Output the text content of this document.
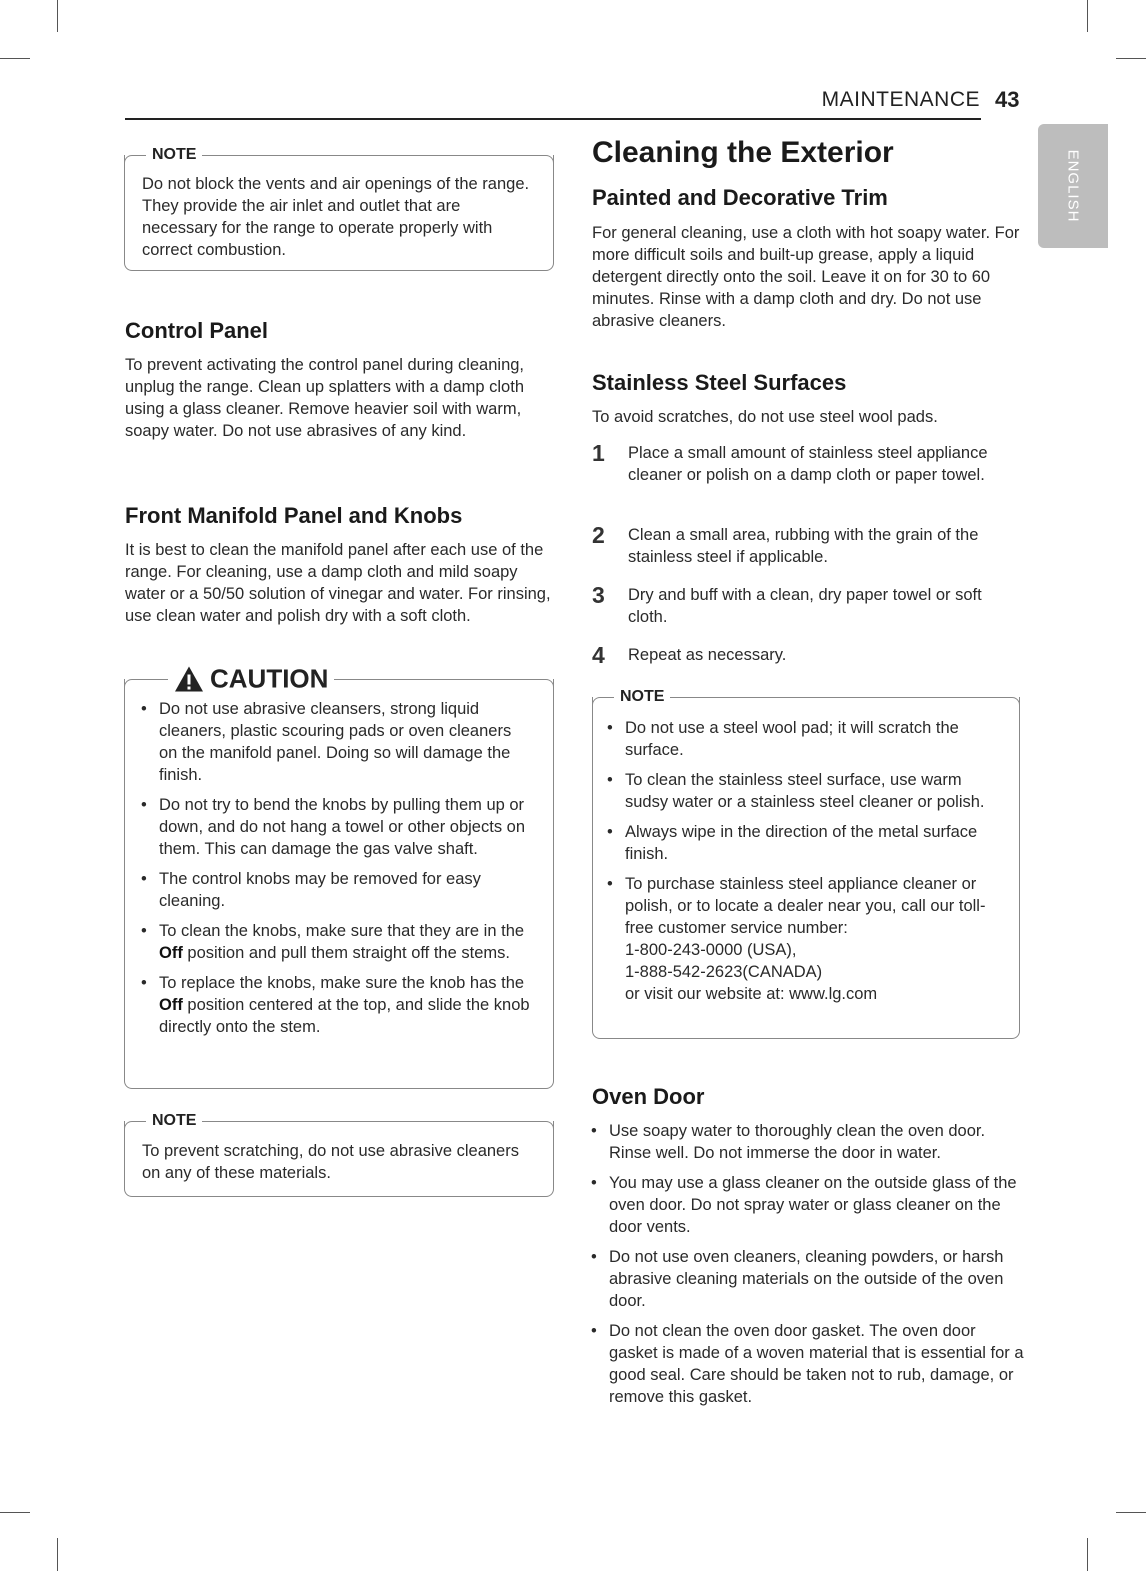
MAINTENANCE 43
ENGLISH
NOTE
Do not block the vents and air openings of the range. They provide the air inlet and outlet that are necessary for the range to operate properly with correct combustion.
Control Panel
To prevent activating the control panel during cleaning, unplug the range. Clean up splatters with a damp cloth using a glass cleaner. Remove heavier soil with warm, soapy water. Do not use abrasives of any kind.
Front Manifold Panel and Knobs
It is best to clean the manifold panel after each use of the range. For cleaning, use a damp cloth and mild soapy water or a 50/50 solution of vinegar and water. For rinsing, use clean water and polish dry with a soft cloth.
CAUTION
• Do not use abrasive cleansers, strong liquid cleaners, plastic scouring pads or oven cleaners on the manifold panel. Doing so will damage the finish.
• Do not try to bend the knobs by pulling them up or down, and do not hang a towel or other objects on them. This can damage the gas valve shaft.
• The control knobs may be removed for easy cleaning.
• To clean the knobs, make sure that they are in the Off position and pull them straight off the stems.
• To replace the knobs, make sure the knob has the Off position centered at the top, and slide the knob directly onto the stem.
NOTE
To prevent scratching, do not use abrasive cleaners on any of these materials.
Cleaning the Exterior
Painted and Decorative Trim
For general cleaning, use a cloth with hot soapy water. For more difficult soils and built-up grease, apply a liquid detergent directly onto the soil. Leave it on for 30 to 60 minutes. Rinse with a damp cloth and dry. Do not use abrasive cleaners.
Stainless Steel Surfaces
To avoid scratches, do not use steel wool pads.
1	Place a small amount of stainless steel appliance cleaner or polish on a damp cloth or paper towel.
2	Clean a small area, rubbing with the grain of the stainless steel if applicable.
3	Dry and buff with a clean, dry paper towel or soft cloth.
4	Repeat as necessary.
NOTE
• Do not use a steel wool pad; it will scratch the surface.
• To clean the stainless steel surface, use warm sudsy water or a stainless steel cleaner or polish.
• Always wipe in the direction of the metal surface finish.
• To purchase stainless steel appliance cleaner or polish, or to locate a dealer near you, call our toll-free customer service number:
1-800-243-0000 (USA),
1-888-542-2623(CANADA)
or visit our website at: www.lg.com
Oven Door
• Use soapy water to thoroughly clean the oven door. Rinse well. Do not immerse the door in water.
• You may use a glass cleaner on the outside glass of the oven door. Do not spray water or glass cleaner on the door vents.
• Do not use oven cleaners, cleaning powders, or harsh abrasive cleaning materials on the outside of the oven door.
• Do not clean the oven door gasket. The oven door gasket is made of a woven material that is essential for a good seal. Care should be taken not to rub, damage, or remove this gasket.
